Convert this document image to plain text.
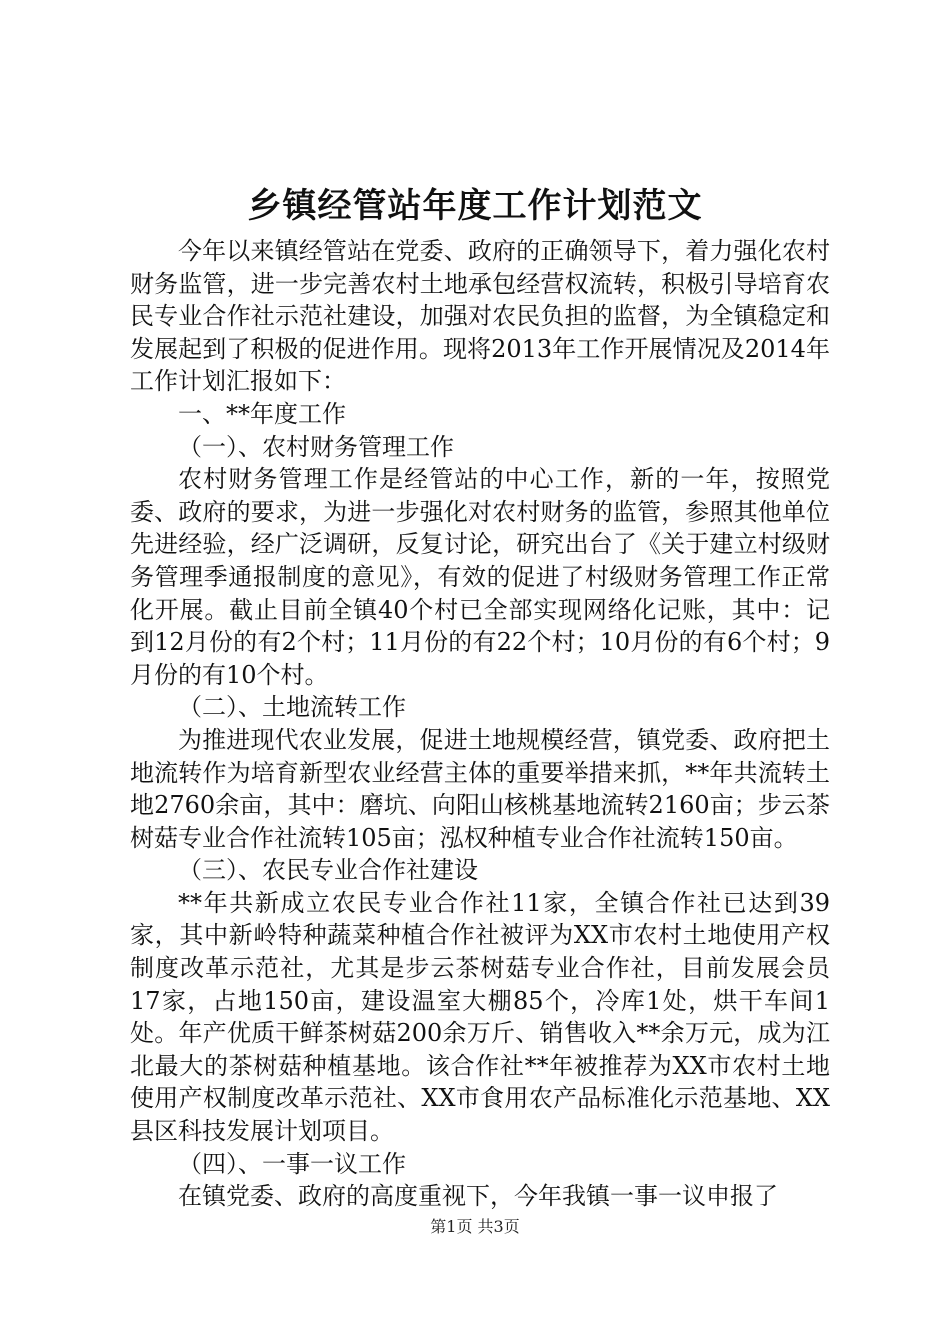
乡镇经管站年度工作计划范文

今年以来镇经管站在党委、政府的正确领导下，着力强化农村财务监管，进一步完善农村土地承包经营权流转，积极引导培育农民专业合作社示范社建设，加强对农民负担的监督，为全镇稳定和发展起到了积极的促进作用。现将2013年工作开展情况及2014年工作计划汇报如下：

一、**年度工作

（一）、农村财务管理工作

农村财务管理工作是经管站的中心工作，新的一年，按照党委、政府的要求，为进一步强化对农村财务的监管，参照其他单位先进经验，经广泛调研，反复讨论，研究出台了《关于建立村级财务管理季通报制度的意见》，有效的促进了村级财务管理工作正常化开展。截止目前全镇40个村已全部实现网络化记账，其中：记到12月份的有2个村；11月份的有22个村；10月份的有6个村；9月份的有10个村。

（二）、土地流转工作

为推进现代农业发展，促进土地规模经营，镇党委、政府把土地流转作为培育新型农业经营主体的重要举措来抓，**年共流转土地2760余亩，其中：磨坑、向阳山核桃基地流转2160亩；步云茶树菇专业合作社流转105亩；泓权种植专业合作社流转150亩。

（三）、农民专业合作社建设

**年共新成立农民专业合作社11家，全镇合作社已达到39家，其中新岭特种蔬菜种植合作社被评为XX市农村土地使用产权制度改革示范社，尤其是步云茶树菇专业合作社，目前发展会员17家，占地150亩，建设温室大棚85个，冷库1处，烘干车间1处。年产优质干鲜茶树菇200余万斤、销售收入**余万元，成为江北最大的茶树菇种植基地。该合作社**年被推荐为XX市农村土地使用产权制度改革示范社、XX市食用农产品标准化示范基地、XX县区科技发展计划项目。

（四）、一事一议工作

在镇党委、政府的高度重视下，今年我镇一事一议申报了

第1页 共3页
